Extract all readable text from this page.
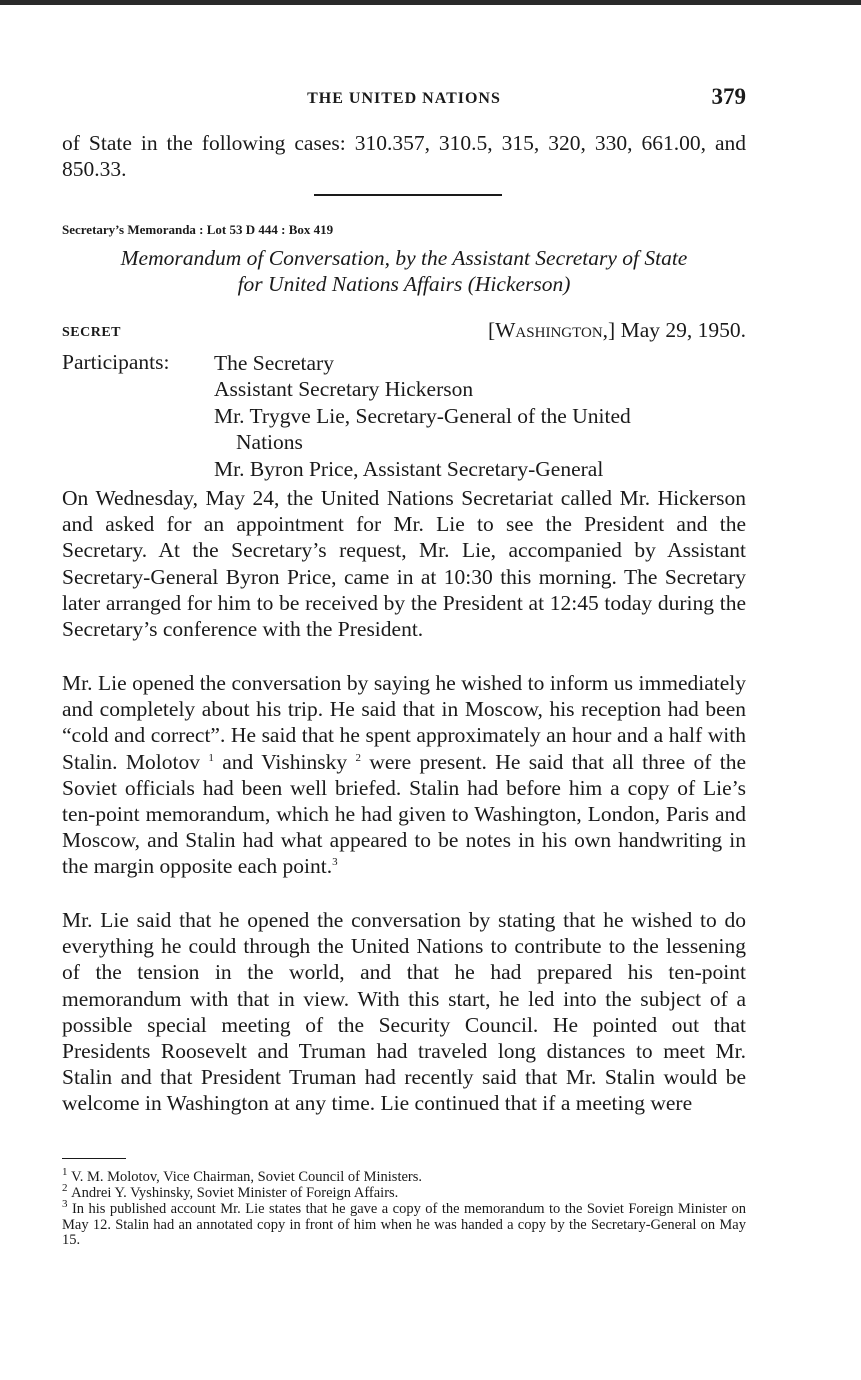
THE UNITED NATIONS	379

of State in the following cases: 310.357, 310.5, 315, 320, 330, 661.00, and 850.33.

Secretary’s Memoranda : Lot 53 D 444 : Box 419
Memorandum of Conversation, by the Assistant Secretary of State
for United Nations Affairs (Hickerson)
SECRET	[Washington,] May 29, 1950.
Participants: The Secretary
Assistant Secretary Hickerson
Mr. Trygve Lie, Secretary-General of the United
Nations
Mr. Byron Price, Assistant Secretary-General

On Wednesday, May 24, the United Nations Secretariat called Mr. Hickerson and asked for an appointment for Mr. Lie to see the President and the Secretary. At the Secretary’s request, Mr. Lie, accompanied by Assistant Secretary-General Byron Price, came in at 10:30 this morning. The Secretary later arranged for him to be received by the President at 12:45 today during the Secretary’s conference with the President.

Mr. Lie opened the conversation by saying he wished to inform us immediately and completely about his trip. He said that in Moscow, his reception had been “cold and correct”. He said that he spent approximately an hour and a half with Stalin. Molotov $^1$ and Vishinsky $^2$ were present. He said that all three of the Soviet officials had been well briefed. Stalin had before him a copy of Lie’s ten-point memorandum, which he had given to Washington, London, Paris and Moscow, and Stalin had what appeared to be notes in his own handwriting in the margin opposite each point.$^3$

Mr. Lie said that he opened the conversation by stating that he wished to do everything he could through the United Nations to contribute to the lessening of the tension in the world, and that he had prepared his ten-point memorandum with that in view. With this start, he led into the subject of a possible special meeting of the Security Council. He pointed out that Presidents Roosevelt and Truman had traveled long distances to meet Mr. Stalin and that President Truman had recently said that Mr. Stalin would be welcome in Washington at any time. Lie continued that if a meeting were

$^1$ V. M. Molotov, Vice Chairman, Soviet Council of Ministers.

$^2$ Andrei Y. Vyshinsky, Soviet Minister of Foreign Affairs.

$^3$ In his published account Mr. Lie states that he gave a copy of the memorandum to the Soviet Foreign Minister on May 12. Stalin had an annotated copy in front of him when he was handed a copy by the Secretary-General on May 15.
